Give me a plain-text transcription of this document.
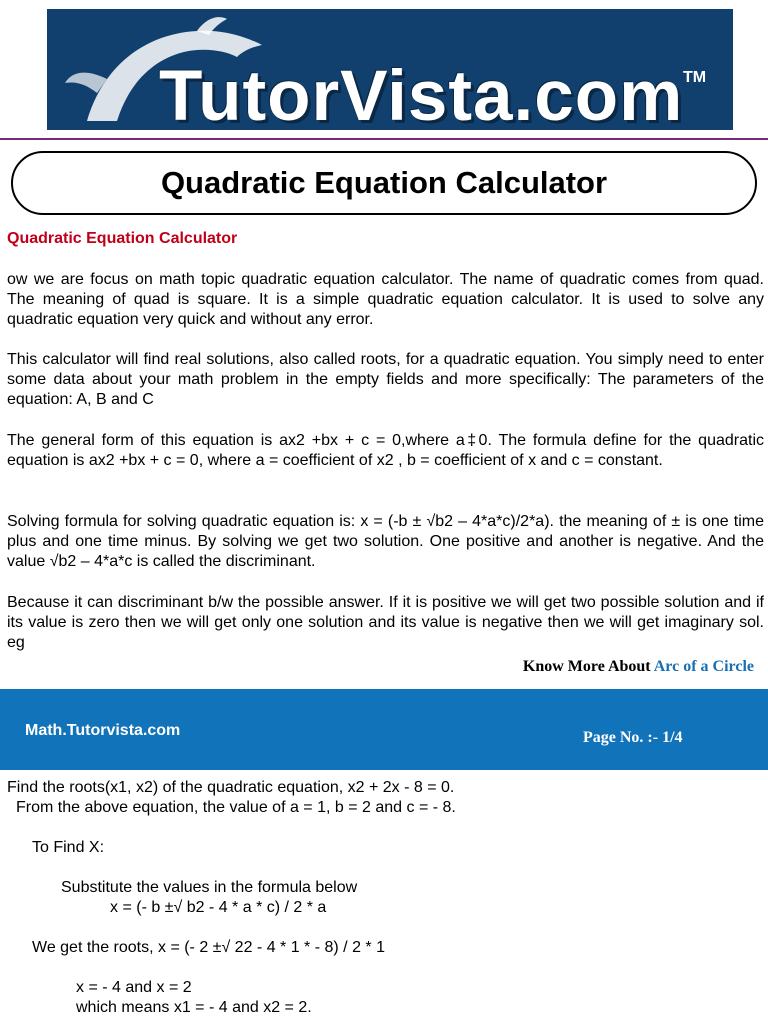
TutorVista.com TM
Quadratic Equation Calculator
Quadratic Equation Calculator

ow we are focus on math topic quadratic equation calculator. The name of quadratic comes from quad. The meaning of quad is square. It is a simple quadratic equation calculator. It is used to solve any quadratic equation very quick and without any error.

This calculator will find real solutions, also called roots, for a quadratic equation. You simply need to enter some data about your math problem in the empty fields and more specifically: The parameters of the equation: A, B and C

The general form of this equation is ax2 +bx + c = 0,where a‡0. The formula define for the quadratic equation is ax2 +bx + c = 0, where a = coefficient of x2 , b = coefficient of x and c = constant.

Solving formula for solving quadratic equation is: x = (-b ± √b2 – 4*a*c)/2*a). the meaning of ± is one time plus and one time minus. By solving we get two solution. One positive and another is negative. And the value √b2 – 4*a*c is called the discriminant.

Because it can discriminant b/w the possible answer. If it is positive we will get two possible solution and if its value is zero then we will get only one solution and its value is negative then we will get imaginary sol. eg

Know More About Arc of a Circle
Math.Tutorvista.com	Page No. :- 1/4
Find the roots(x1, x2) of the quadratic equation, x2 + 2x - 8 = 0.
From the above equation, the value of a = 1, b = 2 and c = - 8.
To Find X:
Substitute the values in the formula below
x = (- b ±√ b2 - 4 * a * c) / 2 * a
We get the roots, x = (- 2 ±√ 22 - 4 * 1 * - 8) / 2 * 1
x = - 4 and x = 2
which means x1 = - 4 and x2 = 2.
